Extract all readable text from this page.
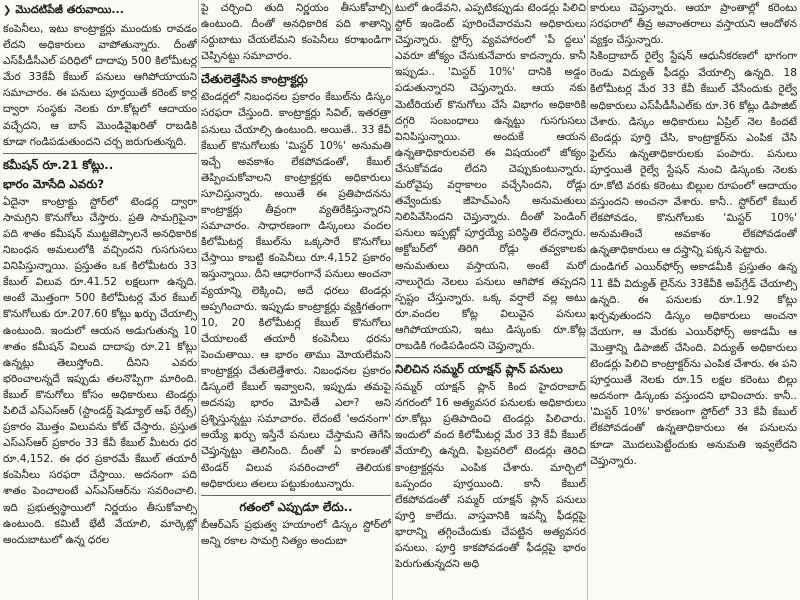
❯ మొదటిపేజీ తరువాయి...

కంపెనీలు, ఇటు కాంట్రాక్టర్లు ముందుకు రావడం లేదని అధికారులు వాపోతున్నారు. దీంతో ఎస్‌పీడీసీఎల్ పరిధిలో దాదాపు 500 కిలోమీటర్ల మేర 33కేవీ కేబుల్ పనులు ఆగిపోయాయని సమాచారం. ఈ పనులు పూర్తయితే కరెంట్ కార్ల ద్వారా సంస్థకు నెలకు రూ.కోట్లలో ఆదాయం వచ్చేదని, ఆ బాస్ మొండివైఖరితో రాబడికి కూడా గండిపడుతుందని చర్చ జరుగుతున్నది.

కమీషన్ రూ.21 కోట్లు..
భారం మోసేది ఎవరు?

ఏదైనా కాంట్రాక్టు స్టోర్‌లో టెండర్ల ద్వారా సామగ్రిని కొనుగోలు చేస్తారు. ప్రతి సామగ్రిపైనా పది శాతం కమీషన్ ముట్టజెప్పాలనే అనధికారిక నిబంధన అమలులోకి వచ్చిందని గుసగుసలు వినిపిస్తున్నాయి. ప్రస్తుతం ఒక కిలోమీటరు 33 కేబుల్ విలువ రూ.41.52 లక్షలుగా ఉన్నది. అంటే మొత్తంగా 500 కిలోమీటర్ల మేర కేబుల్ కొనుగోలుకు రూ.207.60 కోట్లు ఖర్చు చేయాల్సి ఉంటుంది. ఇందులో ఆయన అడుగుతున్న 10 శాతం కమీషన్ విలువ దాదాపు రూ.21 కోట్లు ఉన్నట్లు తెలుస్తోంది. దీనిని ఎవరు భరించాలన్నదే ఇప్పుడు తలనొప్పిగా మారింది. కేబుల్ కొనుగోలు కోసం అధికారులు టెండర్లు పిలిచే ఎస్‌ఎస్‌ఆర్ (స్టాండర్డ్ షెడ్యూల్ ఆఫ్ రేట్స్) ప్రకారం మొత్తం విలువను కోట్ చేస్తారు. ప్రస్తుత ఎస్‌ఎస్‌ఆర్ ప్రకారం 33 కేవీ కేబుల్ మీటరు ధర రూ.4,152. ఈ ధర ప్రకారమే కేబుల్ తయారీ కంపెనీలు సరఫరా చేస్తాయి. అదనంగా పది శాతం పెంచాలంటే ఎస్‌ఎస్‌ఆర్‌ను సవరించాలి. ఇది ప్రభుత్వస్థాయిలో నిర్ణయం తీసుకోవాల్సి ఉంటుంది. కమిటీ భేటీ వేయాలి, మార్కెట్లో అందుబాటులో ఉన్న ధరల

పై చర్చించి తుది నిర్ణయం తీసుకోవాల్సి ఉంటుంది. దీంతో అనధికారిక పది శాతాన్ని సర్దుబాటు చేయలేమని కంపెనీలు కరాఖండిగా చెప్పినట్టు సమాచారం.

చేతులెత్తేసిన కాంట్రాక్టర్లు

టెండర్లలో నిబంధనల ప్రకారం కేబుల్‌ను డిస్కం సరఫరా చేస్తుంది. కాంట్రాక్టర్లు సివిల్, ఇతరత్రా పనులు చేయాల్సి ఉంటుంది. అయితే.. 33 కేవీ కేబుల్ కొనుగోలుకు 'మిస్టర్ 10%' అనుమతి ఇచ్చే అవకాశం లేకపోవడంతో, కేబుల్ తెప్పించుకోవాలని కాంట్రాక్టర్లకు అధికారులు సూచిస్తున్నారు. అయితే ఈ ప్రతిపాదనను కాంట్రాక్టర్లు తీవ్రంగా వ్యతిరేకిస్తున్నారని సమాచారం. సాధారణంగా డిస్కంలు వందల కిలోమీటర్ల కేబుల్‌ను ఒక్కసారే కొనుగోలు చేస్తాయి కాబట్టి కంపెనీలు రూ.4,152 ప్రకారం ఇస్తున్నాయి. దీని ఆధారంగానే పనులు అంచనా వ్యయాన్ని లెక్కించి, అదే ధరలు టెండర్లు అప్పగించారు. ఇప్పుడు కాంట్రాక్టర్లు వ్యక్తిగతంగా 10, 20 కిలోమీటర్ల కేబుల్ కొనుగోలు చేయాలంటే తయారీ కంపెనీలు ధరను పెంచుతాయి. ఆ భారం తాము మోయలేమని కాంట్రాక్టర్లు చేతులెత్తేశారు. నిబంధనల ప్రకారం డిస్కంలే కేబుల్ ఇవ్వాలని, ఇప్పుడు తమపై అదనపు భారం మోపితే ఎలా? అని ప్రశ్నిస్తున్నట్టు సమాచారం. లేదంటే 'అదనంగా' అయ్యే ఖర్చు ఇస్తేనే పనులు చేస్తామని తెగేసి చెప్తున్నట్టు తెలిసింది. దీంతో ఏ కారణంతో టెండర్ విలువ సవరించాలో తెలియక అధికారులు తలలు పట్టుకుంటున్నారు.

గతంలో ఎప్పుడూ లేదు..

బీఆర్‌ఎస్ ప్రభుత్వ హయాంలో డిస్కం స్టోర్‌లో అన్ని రకాల సామగ్రి నిత్యం అందుబా

టులో ఉండేవని, ఎప్పటికప్పుడు టెండర్లు పిలిచి స్టోర్ ఇండెంట్ పూరించేవారమని అధికారులు చెప్తున్నారు. స్టోర్స్ వ్యవహారంలో 'పీ ద్దలు' ఎవరూ జోక్యం చేసుకునేవారు కాదన్నారు. కానీ ఇప్పుడు.. 'మిస్టర్ 10%' దానికి అడ్డం పడుతున్నారని చెప్తున్నారు. ఆయ నకు మెటీరియల్ కొనుగోలు చేసే విభాగం అధికారికి దగ్గరి సంబంధాలు ఉన్నట్టు గుసగుసలు వినిపిస్తున్నాయి. అందుకే ఆయన ఉన్నతాధికారులవలె ఈ విషయంలో జోక్యం చేసుకోవడం లేదని చెప్పుకుంటున్నారు. మరోవైపు వర్షాకాలం వచ్చేసిందని, రోడ్లు తవ్వేందుకు జీహెచ్‌ఎంసీ అనుమతులు నిలిపివేసిందని చెప్తున్నారు. దీంతో పెండింగ్ పనులు ఇప్పట్లో పూర్తయ్యే పరిస్థితి లేదన్నారు. అక్టోబర్‌లో తిరిగి రోడ్లు తవ్వకాలకు అనుమతులు వస్తాయని, అంటే మరో నాలుగైదు నెలలు పనులు ఆగిపోక తప్పదని స్పష్టం చేస్తున్నారు. ఒక్క వర్షాలే వల్ల అటు రూ.వందల కోట్ల విలువైన పనులు ఆగిపోయాయని, ఇటు డిస్కంకు రూ.కోట్ల రాబడికి గండిపడిందని చెప్తున్నారు.

నిలిచిన సమ్మర్ యాక్షన్ ప్లాన్ పనులు

సమ్మర్ యాక్షన్ ప్లాన్ కింద హైదరాబాద్ నగరంలో 16 అత్యవసర పనులకు అధికారులు రూ.కోట్లు ప్రతిపాదించి టెండర్లు పిలిచారు. ఇందులో వంద కిలోమీటర్ల మేర 33 కేవీ కేబుల్ వేయాల్సి ఉన్నది. ఫిబ్రవరిలో టెండర్లు తెరిచి కాంట్రాక్టర్లను ఎంపిక చేశారు. మార్చిలో ఒప్పందం పూర్తయింది. కానీ కేబుల్ లేకపోవడంతో సమ్మర్ యాక్షన్ ప్లాన్ పనులు పూర్తి కాలేదు. వాస్తవానికి ఇవన్నీ ఫీడర్లపై భారాన్ని తగ్గించేందుకు చేపట్టిన అత్యవసర పనులు. పూర్తి కాకపోవడంతో ఫీడర్లపై భారం పెరుగుతున్నదని అధి

కారులు చెప్తున్నారు. ఆయా ప్రాంతాల్లో కరెంటు సరఫరాలో తీవ్ర అవాంతరాలు వస్తాయని ఆందోళన వ్యక్తం చేస్తున్నారు.

సికింద్రాబాద్ రైల్వే స్టేషన్ ఆధునీకరణలో భాగంగా రెండు విద్యుత్ ఫీడర్లు వేయాల్సి ఉన్నది. 18 కిలోమీటర్ల మేర 33 కేవీ కేబుల్ వేసేందుకు రైల్వే అధికారులు ఎస్‌పీడీసీఎల్‌కు రూ.36 కోట్లు డిపాజిట్ చేశారు. డిస్కం అధికారులు ఏప్రిల్ నెల కిందటే టెండర్లు పూర్తి చేసి, కాంట్రాక్టర్‌ను ఎంపిక చేసి ఫైల్‌ను ఉన్నతాధికారులకు పంపారు. పనులు పూర్తయితే రైల్వే స్టేషన్ నుంచి డిస్కంకు నెలకు రూ.కోటి వరకు కరెంటు బిల్లుల రూపంలో ఆదాయం వస్తుందని అంచనా వేశారు. కానీ.. స్టోర్‌లో కేబుల్ లేకపోవడం, కొనుగోలుకు 'మిస్టర్ 10%' అనుమతించే అవకాశం లేకపోవడంతో ఉన్నతాధికారులు ఆ దస్త్రాన్ని పక్కన పెట్టారు.

దుండిగల్ ఎయిర్‌ఫోర్స్ అకాడమీకి ప్రస్తుతం ఉన్న 11 కేవీ విద్యుత్ లైన్‌ను 33కేవీకి అప్‌గ్రేడ్ చేయాల్సి ఉన్నది. ఈ పనులకు రూ.1.92 కోట్లు ఖర్చవుతుందని డిస్కం అధికారులు అంచనా వేయగా, ఆ మేరకు ఎయిర్‌ఫోర్స్ అకాడమీ ఆ మొత్తాన్ని డిపాజిట్ చేసింది. విద్యుత్ అధికారులు టెండర్లు పిలిచి కాంట్రాక్టర్‌ను ఎంపిక చేశారు. ఈ పని పూర్తయితే నెలకు రూ.15 లక్షల కరెంటు బిల్లు అదనంగా డిస్కంకు వస్తుందని భావించారు. కానీ.. 'మిస్టర్ 10%' కారణంగా స్టోర్‌లో 33 కేవీ కేబుల్ లేకపోవడంతో ఉన్నతాధికారులు ఈ పనులను కూడా మొదలుపెట్టేందుకు అనుమతి ఇవ్వలేదని చెప్తున్నారు.
